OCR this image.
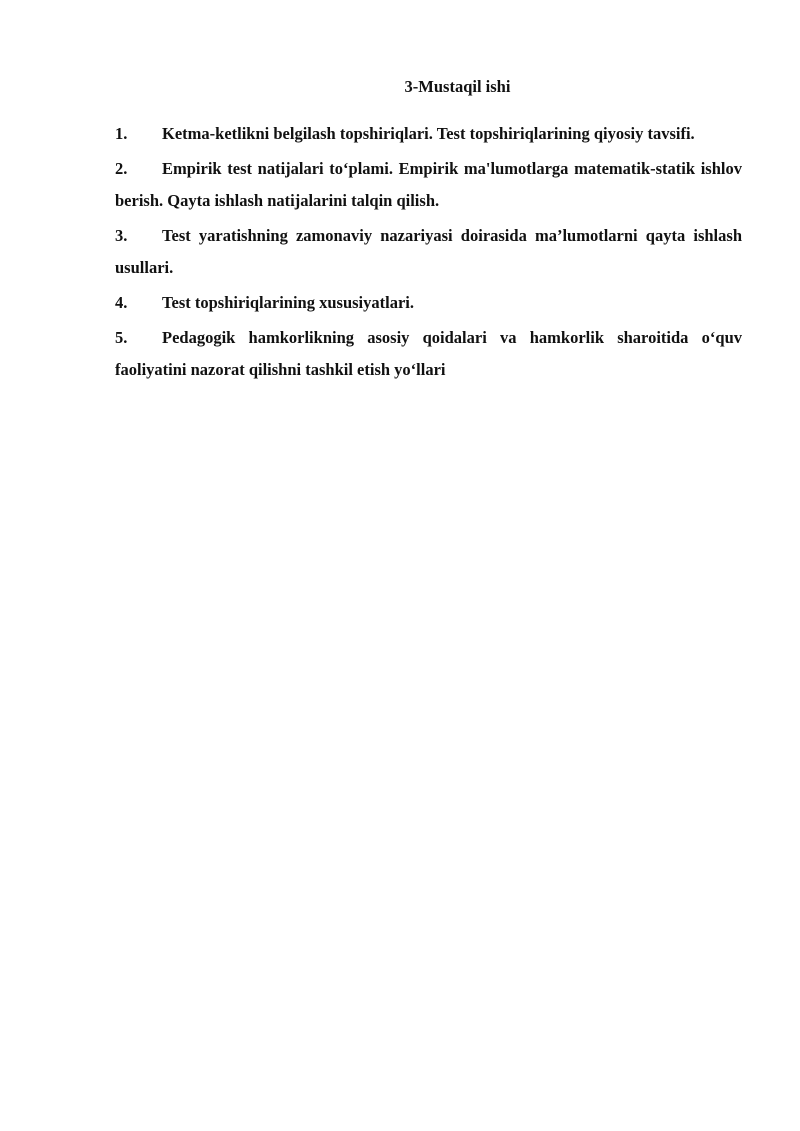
3-Mustaqil ishi
1.	Ketma-ketlikni belgilash topshiriqlari. Test topshiriqlarining qiyosiy tavsifi.
2.	Empirik test natijalari to‘plami. Empirik ma'lumotlarga matematik-statik ishlov berish. Qayta ishlash natijalarini talqin qilish.
3.	Test yaratishning zamonaviy nazariyasi doirasida ma’lumotlarni qayta ishlash usullari.
4.	Test topshiriqlarining xususiyatlari.
5.	Pedagogik hamkorlikning asosiy qoidalari va hamkorlik sharoitida o‘quv faoliyatini nazorat qilishni tashkil etish yo‘llari
